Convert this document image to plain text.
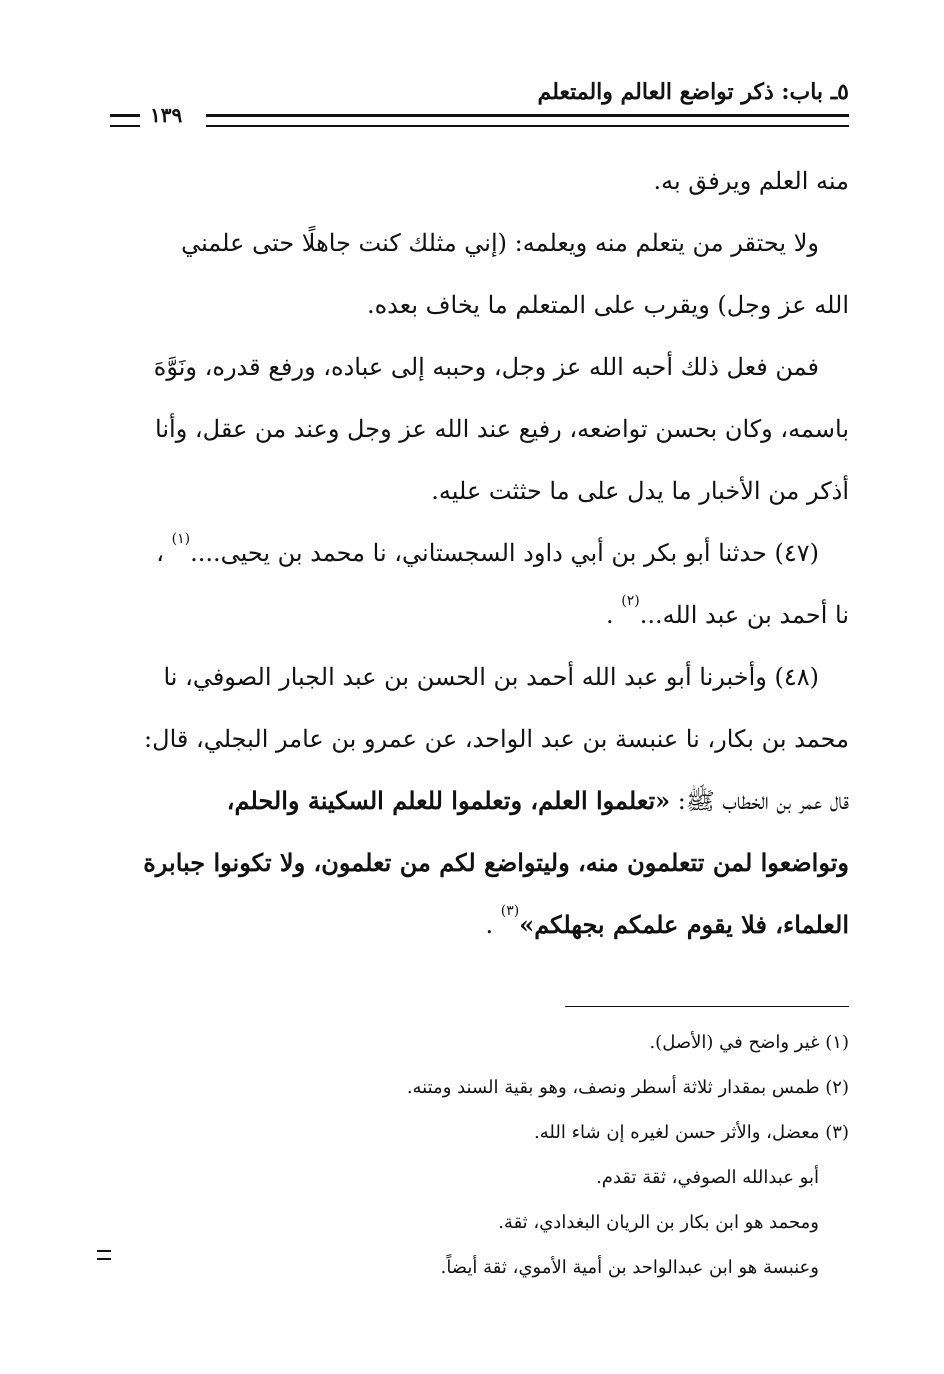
٥ـ باب: ذكر تواضع العالم والمتعلم
١٣٩
منه العلم ويرفق به.
ولا يحتقر من يتعلم منه ويعلمه: (إني مثلك كنت جاهلًا حتى علمني
الله عز وجل) ويقرب على المتعلم ما يخاف بعده.
فمن فعل ذلك أحبه الله عز وجل، وحببه إلى عباده، ورفع قدره، ونَوَّهَ
باسمه، وكان بحسن تواضعه، رفيع عند الله عز وجل وعند من عقل، وأنا
أذكر من الأخبار ما يدل على ما حثثت عليه.
(٤٧) حدثنا أبو بكر بن أبي داود السجستاني، نا محمد بن يحيى....$^{(١)}$ ،
نا أحمد بن عبد الله...$^{(٢)}$ .
(٤٨) وأخبرنا أبو عبد الله أحمد بن الحسن بن عبد الجبار الصوفي، نا
محمد بن بكار، نا عنبسة بن عبد الواحد، عن عمرو بن عامر البجلي، قال:
قال عمر بن الخطاب ﷺ: «تعلموا العلم، وتعلموا للعلم السكينة والحلم،
وتواضعوا لمن تتعلمون منه، وليتواضع لكم من تعلمون، ولا تكونوا جبابرة
العلماء، فلا يقوم علمكم بجهلكم»$^{(٣)}$ .
(١) غير واضح في (الأصل).
(٢) طمس بمقدار ثلاثة أسطر ونصف، وهو بقية السند ومتنه.
(٣) معضل، والأثر حسن لغيره إن شاء الله.
أبو عبدالله الصوفي، ثقة تقدم.
ومحمد هو ابن بكار بن الريان البغدادي، ثقة.
وعنبسة هو ابن عبدالواحد بن أمية الأموي، ثقة أيضاً.
